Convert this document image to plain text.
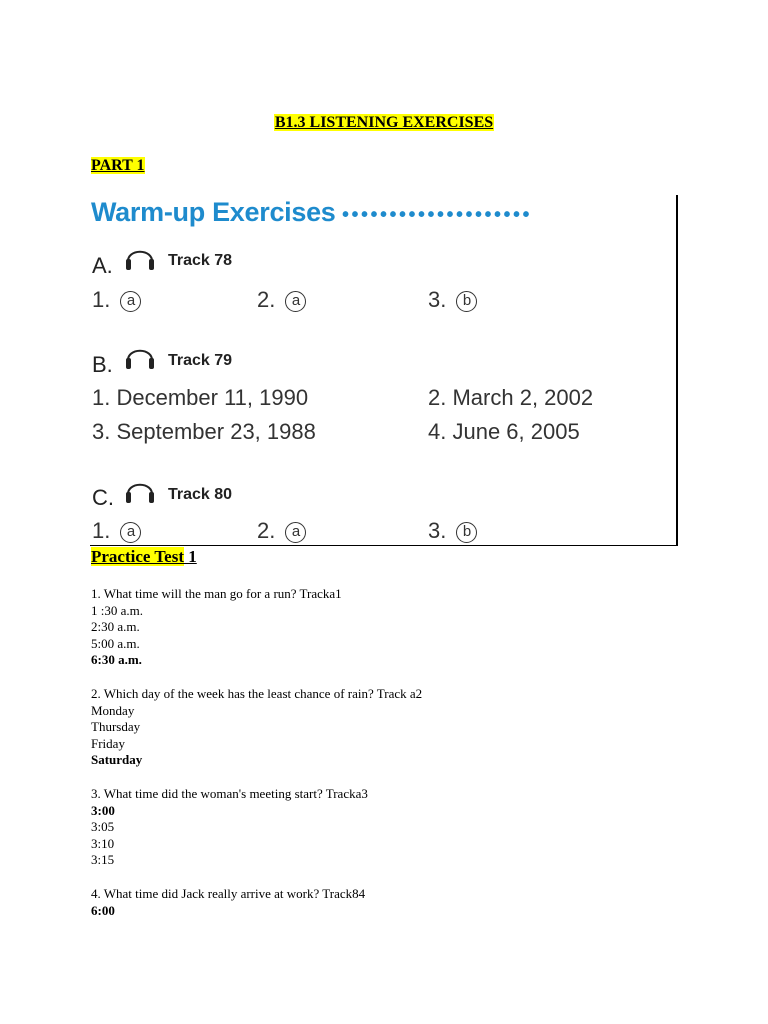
B1.3 LISTENING EXERCISES
PART 1
Warm-up Exercises ••••••••••••••••••••
A.	Track 78
1. a	2. a	3. b
B.	Track 79
1. December 11, 1990	2. March 2, 2002
3. September 23, 1988	4. June 6, 2005
C.	Track 80
1. a	2. a	3. b
Practice Test 1
1. What time will the man go for a run? Tracka1
1 :30 a.m.
2:30 a.m.
5:00 a.m.
6:30 a.m.
2. Which day of the week has the least chance of rain? Track a2
Monday
Thursday
Friday
Saturday
3. What time did the woman's meeting start? Tracka3
3:00
3:05
3:10
3:15
4. What time did Jack really arrive at work? Track84
6:00
